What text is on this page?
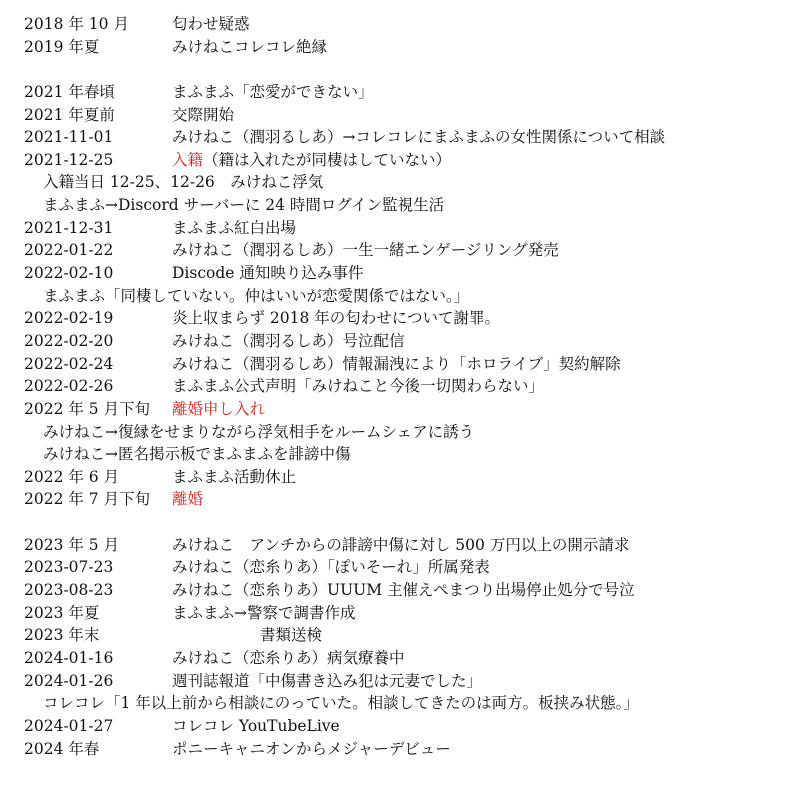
2018 年 10 月	匂わせ疑惑
2019 年夏	みけねこコレコレ絶縁
2021 年春頃	まふまふ「恋愛ができない」
2021 年夏前	交際開始
2021-11-01	みけねこ（潤羽るしあ）→コレコレにまふまふの女性関係について相談
2021-12-25	入籍（籍は入れたが同棲はしていない）
入籍当日 12-25、12-26　みけねこ浮気
まふまふ→Discord サーバーに 24 時間ログイン監視生活
2021-12-31	まふまふ紅白出場
2022-01-22	みけねこ（潤羽るしあ）一生一緒エンゲージリング発売
2022-02-10	Discode 通知映り込み事件
まふまふ「同棲していない。仲はいいが恋愛関係ではない。」
2022-02-19	炎上収まらず 2018 年の匂わせについて謝罪。
2022-02-20	みけねこ（潤羽るしあ）号泣配信
2022-02-24	みけねこ（潤羽るしあ）情報漏洩により「ホロライブ」契約解除
2022-02-26	まふまふ公式声明「みけねこと今後一切関わらない」
2022 年 5 月下旬 離婚申し入れ
みけねこ→復縁をせまりながら浮気相手をルームシェアに誘う
みけねこ→匿名掲示板でまふまふを誹謗中傷
2022 年 6 月	まふまふ活動休止
2022 年 7 月下旬 離婚
2023 年 5 月	みけねこ　アンチからの誹謗中傷に対し 500 万円以上の開示請求
2023-07-23	みけねこ（恋糸りあ）「ぽいそーれ」所属発表
2023-08-23	みけねこ（恋糸りあ）UUUM 主催えぺまつり出場停止処分で号泣
2023 年夏	まふまふ→警察で調書作成
2023 年末	書類送検
2024-01-16	みけねこ（恋糸りあ）病気療養中
2024-01-26	週刊誌報道「中傷書き込み犯は元妻でした」
コレコレ「1 年以上前から相談にのっていた。相談してきたのは両方。板挟み状態。」
2024-01-27	コレコレ YouTubeLive
2024 年春	ポニーキャニオンからメジャーデビュー
